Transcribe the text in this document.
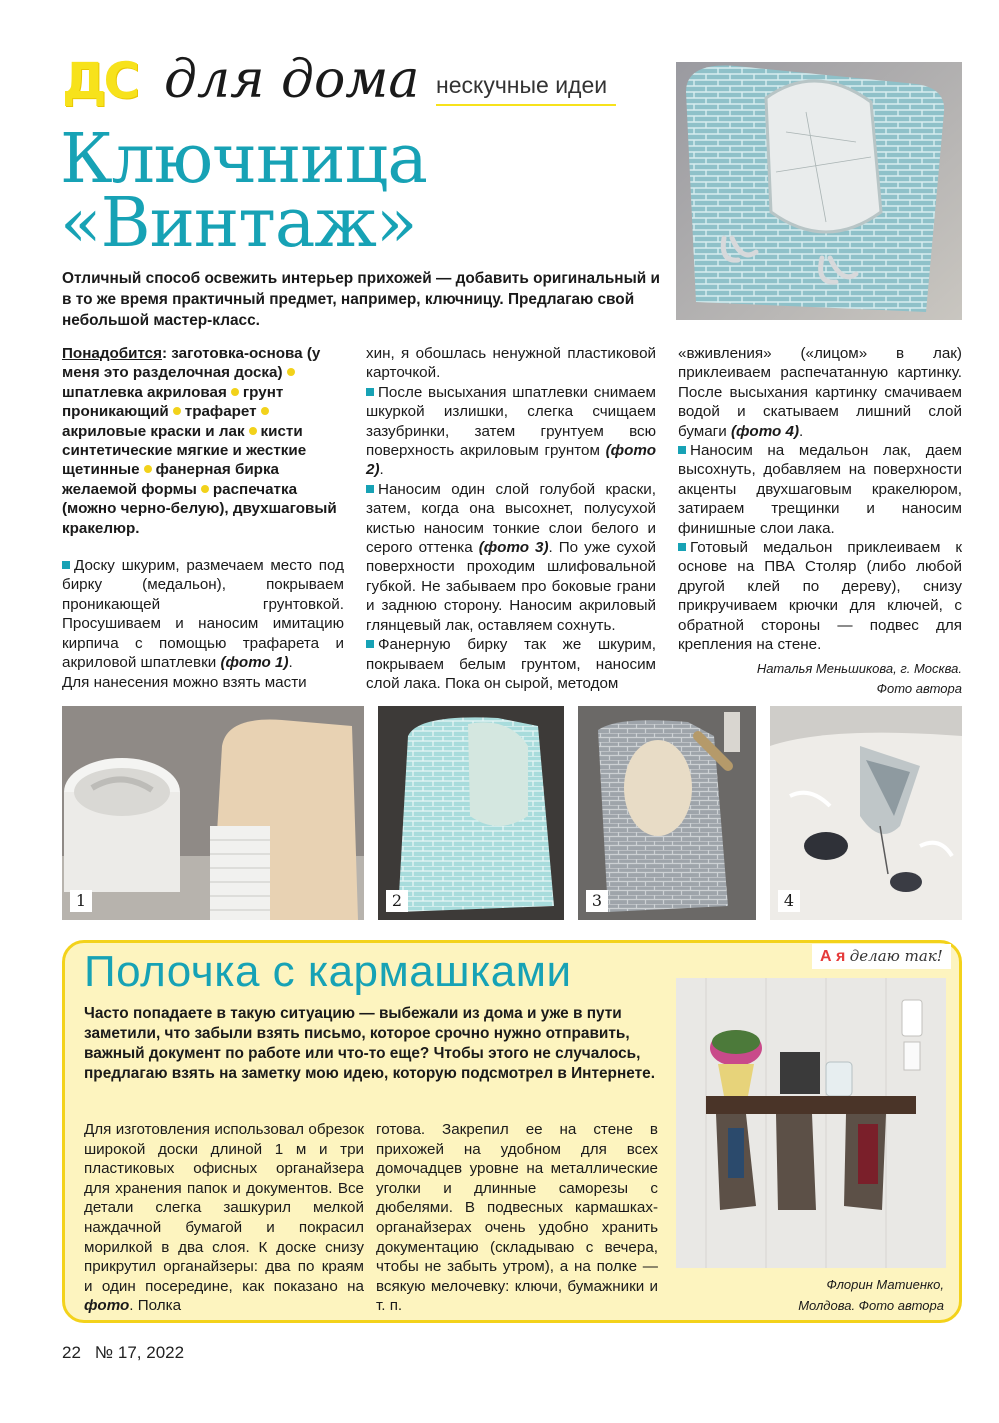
ДС для дома нескучные идеи
Ключница
«Винтаж»
Отличный способ освежить интерьер прихожей — добавить оригинальный и в то же время практичный предмет, например, ключницу. Предлагаю свой небольшой мастер-класс.

Понадобится: заготовка-основа (у меня это разделочная доска)шпатлевка акриловая грунт проникающий трафаретакриловые краски и лак кисти синтетические мягкие и жесткие щетинные фанерная бирка желаемой формы распечатка (можно черно-белую), двухшаговый кракелюр.

Доску шкурим, размечаем место под бирку (медальон), покрываем проникающей грунтовкой. Просушиваем и наносим имитацию кирпича с помощью трафарета и акриловой шпатлевки (фото 1).

Для нанесения можно взять масти

хин, я обошлась ненужной пластиковой карточкой.

После высыхания шпатлевки снимаем шкуркой излишки, слегка счищаем зазубринки, затем грунтуем всю поверхность акриловым грунтом (фото 2).

Наносим один слой голубой краски, затем, когда она высохнет, полусухой кистью наносим тонкие слои белого и серого оттенка (фото 3). По уже сухой поверхности проходим шлифовальной губкой. Не забываем про боковые грани и заднюю сторону. Наносим акриловый глянцевый лак, оставляем сохнуть.

Фанерную бирку так же шкурим, покрываем белым грунтом, наносим слой лака. Пока он сырой, методом

«вживления» («лицом» в лак) приклеиваем распечатанную картинку. После высыхания картинку смачиваем водой и скатываем лишний слой бумаги (фото 4).

Наносим на медальон лак, даем высохнуть, добавляем на поверхности акценты двухшаговым кракелюром, затираем трещинки и наносим финишные слои лака.

Готовый медальон приклеиваем к основе на ПВА Столяр (либо любой другой клей по дереву), снизу прикручиваем крючки для ключей, с обратной стороны — подвес для крепления на стене.

Наталья Меньшикова, г. Москва.
Фото автора
1	2	3	4
Полочка с кармашками	А я делаю так!
Часто попадаете в такую ситуацию — выбежали из дома и уже в пути заметили, что забыли взять письмо, которое срочно нужно отправить, важный документ по работе или что-то еще? Чтобы этого не случалось, предлагаю взять на заметку мою идею, которую подсмотрел в Интернете.
Для изготовления использовал обрезок широкой доски длиной 1 м и три пластиковых офисных органайзера для хранения папок и документов. Все детали слегка зашкурил мелкой наждачной бумагой и покрасил морилкой в два слоя. К доске снизу прикрутил органайзеры: два по краям и один посередине, как показано на фото. Полка
готова. Закрепил ее на стене в прихожей на удобном для всех домочадцев уровне на металлические уголки и длинные саморезы с дюбелями. В подвесных кармашках-органайзерах очень удобно хранить документацию (складываю с вечера, чтобы не забыть утром), а на полке — всякую мелочевку: ключи, бумажники и т. п.
Флорин Матиенко,
Молдова. Фото автора
22 № 17, 2022
